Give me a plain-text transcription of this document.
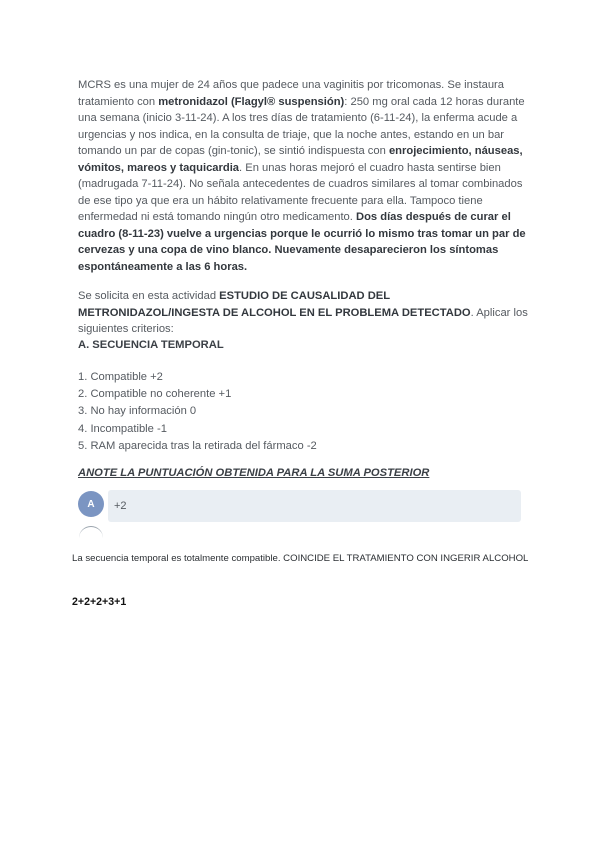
MCRS es una mujer de 24 años que padece una vaginitis por tricomonas. Se instaura tratamiento con metronidazol (Flagyl® suspensión): 250 mg oral cada 12 horas durante una semana (inicio 3-11-24). A los tres días de tratamiento (6-11-24), la enferma acude a urgencias y nos indica, en la consulta de triaje, que la noche antes, estando en un bar tomando un par de copas (gin-tonic), se sintió indispuesta con enrojecimiento, náuseas, vómitos, mareos y taquicardia. En unas horas mejoró el cuadro hasta sentirse bien (madrugada 7-11-24). No señala antecedentes de cuadros similares al tomar combinados de ese tipo ya que era un hábito relativamente frecuente para ella. Tampoco tiene enfermedad ni está tomando ningún otro medicamento. Dos días después de curar el cuadro (8-11-23) vuelve a urgencias porque le ocurrió lo mismo tras tomar un par de cervezas y una copa de vino blanco. Nuevamente desaparecieron los síntomas espontáneamente a las 6 horas.
Se solicita en esta actividad ESTUDIO DE CAUSALIDAD DEL METRONIDAZOL/INGESTA DE ALCOHOL EN EL PROBLEMA DETECTADO. Aplicar los siguientes criterios:
A. SECUENCIA TEMPORAL
1. Compatible +2
2. Compatible no coherente +1
3. No hay información 0
4. Incompatible -1
5. RAM aparecida tras la retirada del fármaco -2
ANOTE LA PUNTUACIÓN OBTENIDA PARA LA SUMA POSTERIOR
A	+2
La secuencia temporal es totalmente compatible. COINCIDE EL TRATAMIENTO CON INGERIR ALCOHOL
2+2+2+3+1
